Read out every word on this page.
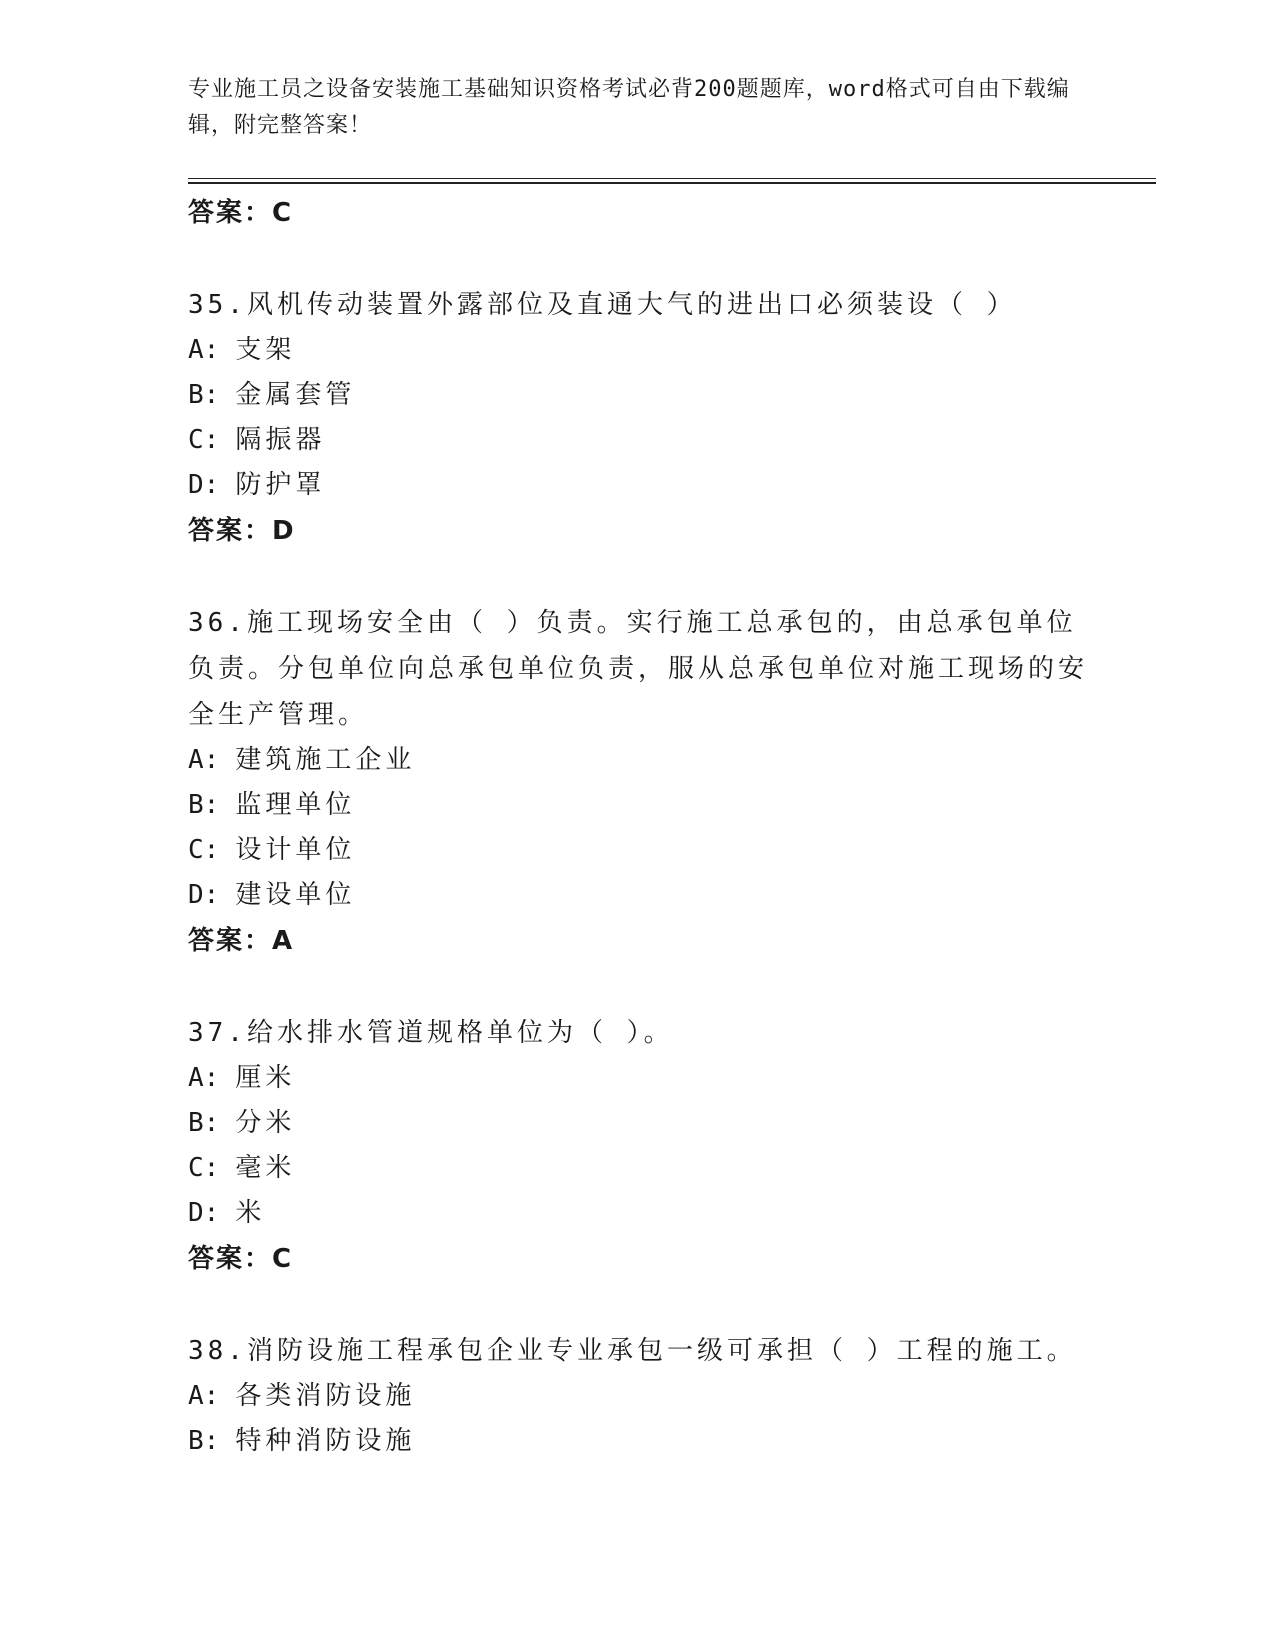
专业施工员之设备安装施工基础知识资格考试必背200题题库，word格式可自由下载编辑，附完整答案！

答案：C

35.风机传动装置外露部位及直通大气的进出口必须装设（ ）

A: 支架

B: 金属套管

C: 隔振器

D: 防护罩

答案：D

36.施工现场安全由（ ）负责。实行施工总承包的，由总承包单位负责。分包单位向总承包单位负责，服从总承包单位对施工现场的安全生产管理。

A: 建筑施工企业

B: 监理单位

C: 设计单位

D: 建设单位

答案：A

37.给水排水管道规格单位为（ ）。

A: 厘米

B: 分米

C: 毫米

D: 米

答案：C

38.消防设施工程承包企业专业承包一级可承担（ ）工程的施工。

A: 各类消防设施

B: 特种消防设施
